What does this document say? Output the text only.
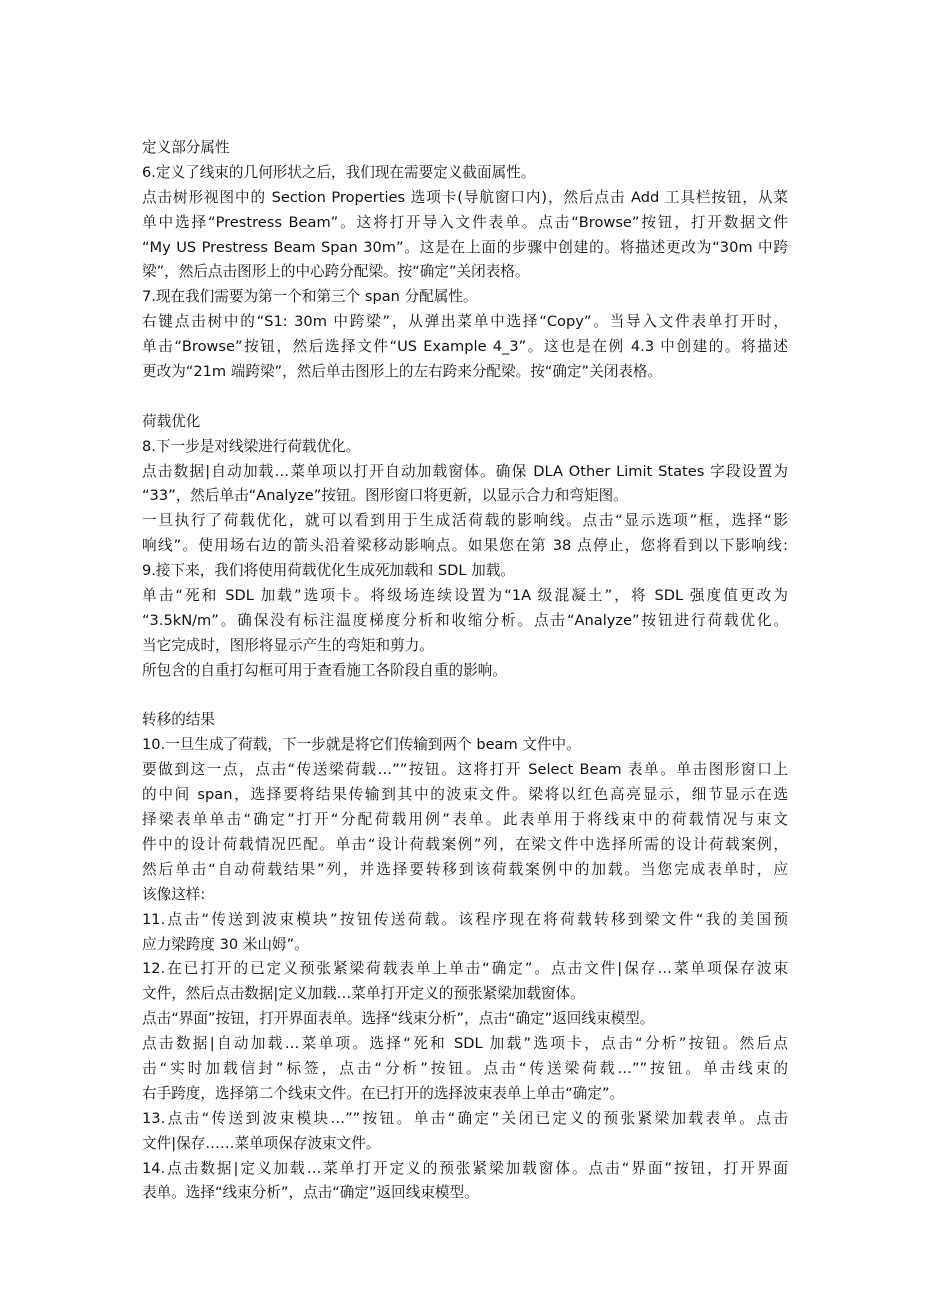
定义部分属性
6.定义了线束的几何形状之后，我们现在需要定义截面属性。
点击树形视图中的 Section Properties 选项卡(导航窗口内)，然后点击 Add 工具栏按钮，从菜
单中选择“Prestress Beam”。这将打开导入文件表单。点击“Browse”按钮，打开数据文件
“My US Prestress Beam Span 30m”。这是在上面的步骤中创建的。将描述更改为“30m 中跨
梁”，然后点击图形上的中心跨分配梁。按“确定”关闭表格。
7.现在我们需要为第一个和第三个 span 分配属性。
右键点击树中的“S1: 30m 中跨梁”，从弹出菜单中选择“Copy”。当导入文件表单打开时，
单击“Browse”按钮，然后选择文件“US Example 4_3”。这也是在例 4.3 中创建的。将描述
更改为“21m 端跨梁”，然后单击图形上的左右跨来分配梁。按“确定”关闭表格。
荷载优化
8.下一步是对线梁进行荷载优化。
点击数据|自动加载…菜单项以打开自动加载窗体。确保 DLA Other Limit States 字段设置为
“33”，然后单击“Analyze”按钮。图形窗口将更新，以显示合力和弯矩图。
一旦执行了荷载优化，就可以看到用于生成活荷载的影响线。点击“显示选项”框，选择“影
响线”。使用场右边的箭头沿着梁移动影响点。如果您在第 38 点停止，您将看到以下影响线:
9.接下来，我们将使用荷载优化生成死加载和 SDL 加载。
单击“死和 SDL 加载”选项卡。将级场连续设置为“1A 级混凝土”，将 SDL 强度值更改为
“3.5kN/m”。确保没有标注温度梯度分析和收缩分析。点击“Analyze”按钮进行荷载优化。
当它完成时，图形将显示产生的弯矩和剪力。
所包含的自重打勾框可用于查看施工各阶段自重的影响。
转移的结果
10.一旦生成了荷载，下一步就是将它们传输到两个 beam 文件中。
要做到这一点，点击“传送梁荷载…””按钮。这将打开 Select Beam 表单。单击图形窗口上
的中间 span，选择要将结果传输到其中的波束文件。梁将以红色高亮显示，细节显示在选
择梁表单单击“确定”打开“分配荷载用例”表单。此表单用于将线束中的荷载情况与束文
件中的设计荷载情况匹配。单击“设计荷载案例”列，在梁文件中选择所需的设计荷载案例，
然后单击“自动荷载结果”列，并选择要转移到该荷载案例中的加载。当您完成表单时，应
该像这样:
11.点击“传送到波束模块”按钮传送荷载。该程序现在将荷载转移到梁文件“我的美国预
应力梁跨度 30 米山姆”。
12.在已打开的已定义预张紧梁荷载表单上单击“确定”。点击文件|保存…菜单项保存波束
文件，然后点击数据|定义加载…菜单打开定义的预张紧梁加载窗体。
点击“界面”按钮，打开界面表单。选择“线束分析”，点击“确定”返回线束模型。
点击数据|自动加载…菜单项。选择“死和 SDL 加载”选项卡，点击“分析”按钮。然后点
击“实时加载信封”标签，点击“分析”按钮。点击“传送梁荷载…””按钮。单击线束的
右手跨度，选择第二个线束文件。在已打开的选择波束表单上单击“确定”。
13.点击“传送到波束模块…””按钮。单击“确定”关闭已定义的预张紧梁加载表单。点击
文件|保存……菜单项保存波束文件。
14.点击数据|定义加载…菜单打开定义的预张紧梁加载窗体。点击“界面”按钮，打开界面
表单。选择“线束分析”，点击“确定”返回线束模型。
